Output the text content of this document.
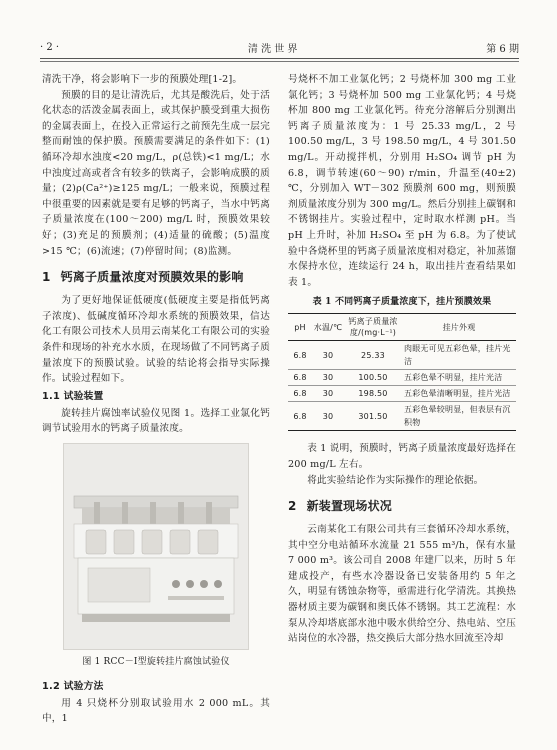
· 2 ·	清 洗 世 界	第 6 期

清洗干净，将会影响下一步的预膜处理[1-2]。

预膜的目的是让清洗后，尤其是酸洗后，处于活化状态的活泼金属表面上，或其保护膜受到重大损伤的金属表面上，在投入正常运行之前预先生成一层完整而耐蚀的保护膜。预膜需要满足的条件如下：(1)循环冷却水浊度<20 mg/L，ρ(总铁)<1 mg/L；水中浊度过高或者含有较多的铁离子，会影响成膜的质量；(2)ρ(Ca²⁺)≥125 mg/L；一般来说，预膜过程中很重要的因素就是要有足够的钙离子，当水中钙离子质量浓度在(100～200) mg/L 时，预膜效果较好；(3)充足的预膜剂；(4)适量的硫酸；(5)温度>15 ℃；(6)流速；(7)停留时间；(8)监测。

1 钙离子质量浓度对预膜效果的影响

为了更好地保证低硬度(低硬度主要是指低钙离子浓度)、低碱度循环冷却水系统的预膜效果，信达化工有限公司技术人员用云南某化工有限公司的实验条件和现场的补充水水质，在现场做了不同钙离子质量浓度下的预膜试验。试验的结论将会指导实际操作。试验过程如下。

1.1 试验装置

旋转挂片腐蚀率试验仪见图 1。选择工业氯化钙调节试验用水的钙离子质量浓度。

图 1 RCC－Ⅰ型旋转挂片腐蚀试验仪
1.2 试验方法

用 4 只烧杯分别取试验用水 2 000 mL。其中，1

号烧杯不加工业氯化钙；2 号烧杯加 300 mg 工业氯化钙；3 号烧杯加 500 mg 工业氯化钙；4 号烧杯加 800 mg 工业氯化钙。待充分溶解后分别测出钙离子质量浓度为：1 号 25.33 mg/L，2 号 100.50 mg/L，3 号 198.50 mg/L，4 号 301.50 mg/L。开动搅拌机，分别用 H₂SO₄ 调节 pH 为 6.8，调节转速(60～90) r/min，升温至(40±2) ℃，分别加入 WT－302 预膜剂 600 mg，则预膜剂质量浓度分别为 300 mg/L。然后分别挂上碳钢和不锈钢挂片。实验过程中，定时取水样测 pH。当 pH 上升时，补加 H₂SO₄ 至 pH 为 6.8。为了使试验中各烧杯里的钙离子质量浓度相对稳定，补加蒸馏水保持水位，连续运行 24 h，取出挂片查看结果如表 1。

表 1 不同钙离子质量浓度下，挂片预膜效果
pH	水温/℃	钙离子质量浓度/(mg·L⁻¹)	挂片外观
6.8	30	25.33	肉眼无可见五彩色晕，挂片光洁
6.8	30	100.50	五彩色晕不明显，挂片光洁
6.8	30	198.50	五彩色晕清晰明显，挂片光洁
6.8	30	301.50	五彩色晕较明显，但表层有沉积物

表 1 说明，预膜时，钙离子质量浓度最好选择在 200 mg/L 左右。

将此实验结论作为实际操作的理论依据。

2 新装置现场状况

云南某化工有限公司共有三套循环冷却水系统，其中空分电站循环水流量 21 555 m³/h，保有水量 7 000 m³。该公司自 2008 年建厂以来，历时 5 年建成投产，有些水冷器设备已安装备用约 5 年之久，明显有锈蚀杂物等，亟需进行化学清洗。其换热器材质主要为碳钢和奥氏体不锈钢。其工艺流程：水泵从冷却塔底部水池中吸水供给空分、热电站、空压站岗位的水冷器，热交换后大部分热水回流至冷却
